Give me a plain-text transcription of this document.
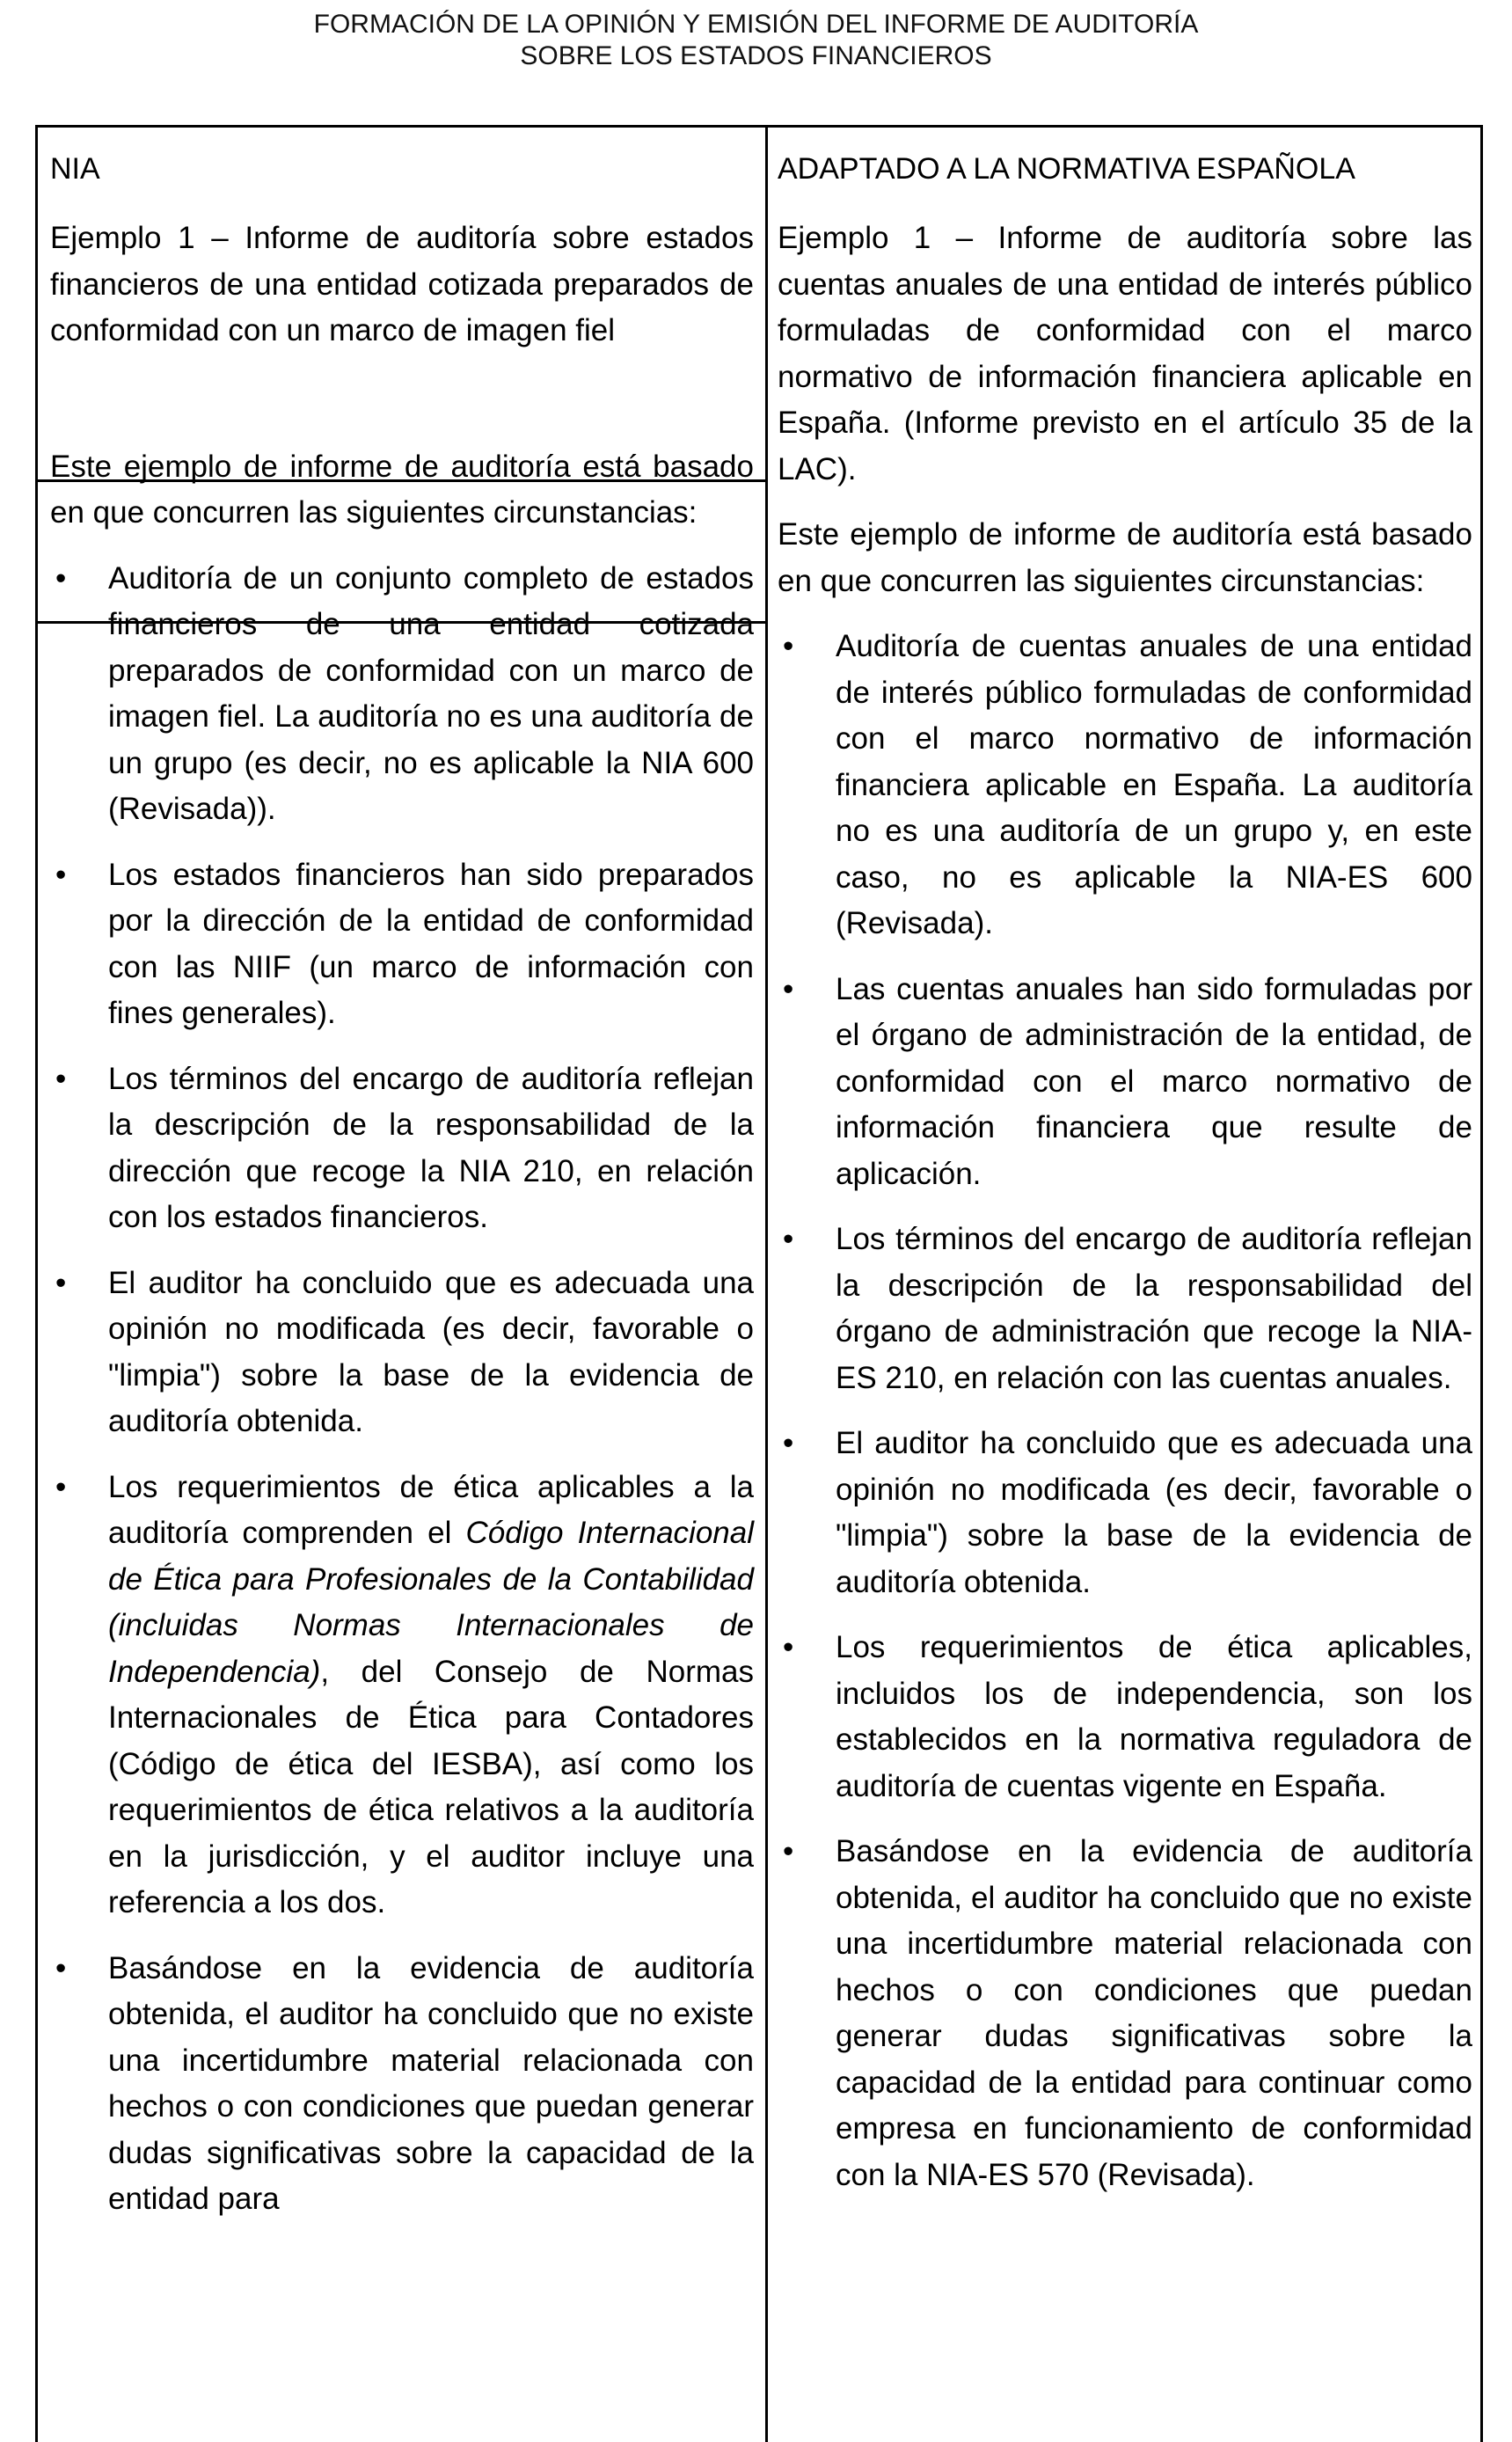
FORMACIÓN DE LA OPINIÓN Y EMISIÓN DEL INFORME DE AUDITORÍA
SOBRE LOS ESTADOS FINANCIEROS
NIA
Ejemplo 1 – Informe de auditoría sobre estados financieros de una entidad cotizada preparados de conformidad con un marco de imagen fiel
Este ejemplo de informe de auditoría está basado en que concurren las siguientes circunstancias:
• Auditoría de un conjunto completo de estados financieros de una entidad cotizada preparados de conformidad con un marco de imagen fiel. La auditoría no es una auditoría de un grupo (es decir, no es aplicable la NIA 600 (Revisada)).
• Los estados financieros han sido preparados por la dirección de la entidad de conformidad con las NIIF (un marco de información con fines generales).
• Los términos del encargo de auditoría reflejan la descripción de la responsabilidad de la dirección que recoge la NIA 210, en relación con los estados financieros.
• El auditor ha concluido que es adecuada una opinión no modificada (es decir, favorable o "limpia") sobre la base de la evidencia de auditoría obtenida.
• Los requerimientos de ética aplicables a la auditoría comprenden el Código Internacional de Ética para Profesionales de la Contabilidad (incluidas Normas Internacionales de Independencia), del Consejo de Normas Internacionales de Ética para Contadores (Código de ética del IESBA), así como los requerimientos de ética relativos a la auditoría en la jurisdicción, y el auditor incluye una referencia a los dos.
• Basándose en la evidencia de auditoría obtenida, el auditor ha concluido que no existe una incertidumbre material relacionada con hechos o con condiciones que puedan generar dudas significativas sobre la capacidad de la entidad para
ADAPTADO A LA NORMATIVA ESPAÑOLA
Ejemplo 1 – Informe de auditoría sobre las cuentas anuales de una entidad de interés público formuladas de conformidad con el marco normativo de información financiera aplicable en España. (Informe previsto en el artículo 35 de la LAC).
Este ejemplo de informe de auditoría está basado en que concurren las siguientes circunstancias:
• Auditoría de cuentas anuales de una entidad de interés público formuladas de conformidad con el marco normativo de información financiera aplicable en España. La auditoría no es una auditoría de un grupo y, en este caso, no es aplicable la NIA-ES 600 (Revisada).
• Las cuentas anuales han sido formuladas por el órgano de administración de la entidad, de conformidad con el marco normativo de información financiera que resulte de aplicación.
• Los términos del encargo de auditoría reflejan la descripción de la responsabilidad del órgano de administración que recoge la NIA-ES 210, en relación con las cuentas anuales.
• El auditor ha concluido que es adecuada una opinión no modificada (es decir, favorable o "limpia") sobre la base de la evidencia de auditoría obtenida.
• Los requerimientos de ética aplicables, incluidos los de independencia, son los establecidos en la normativa reguladora de auditoría de cuentas vigente en España.
• Basándose en la evidencia de auditoría obtenida, el auditor ha concluido que no existe una incertidumbre material relacionada con hechos o con condiciones que puedan generar dudas significativas sobre la capacidad de la entidad para continuar como empresa en funcionamiento de conformidad con la NIA-ES 570 (Revisada).
